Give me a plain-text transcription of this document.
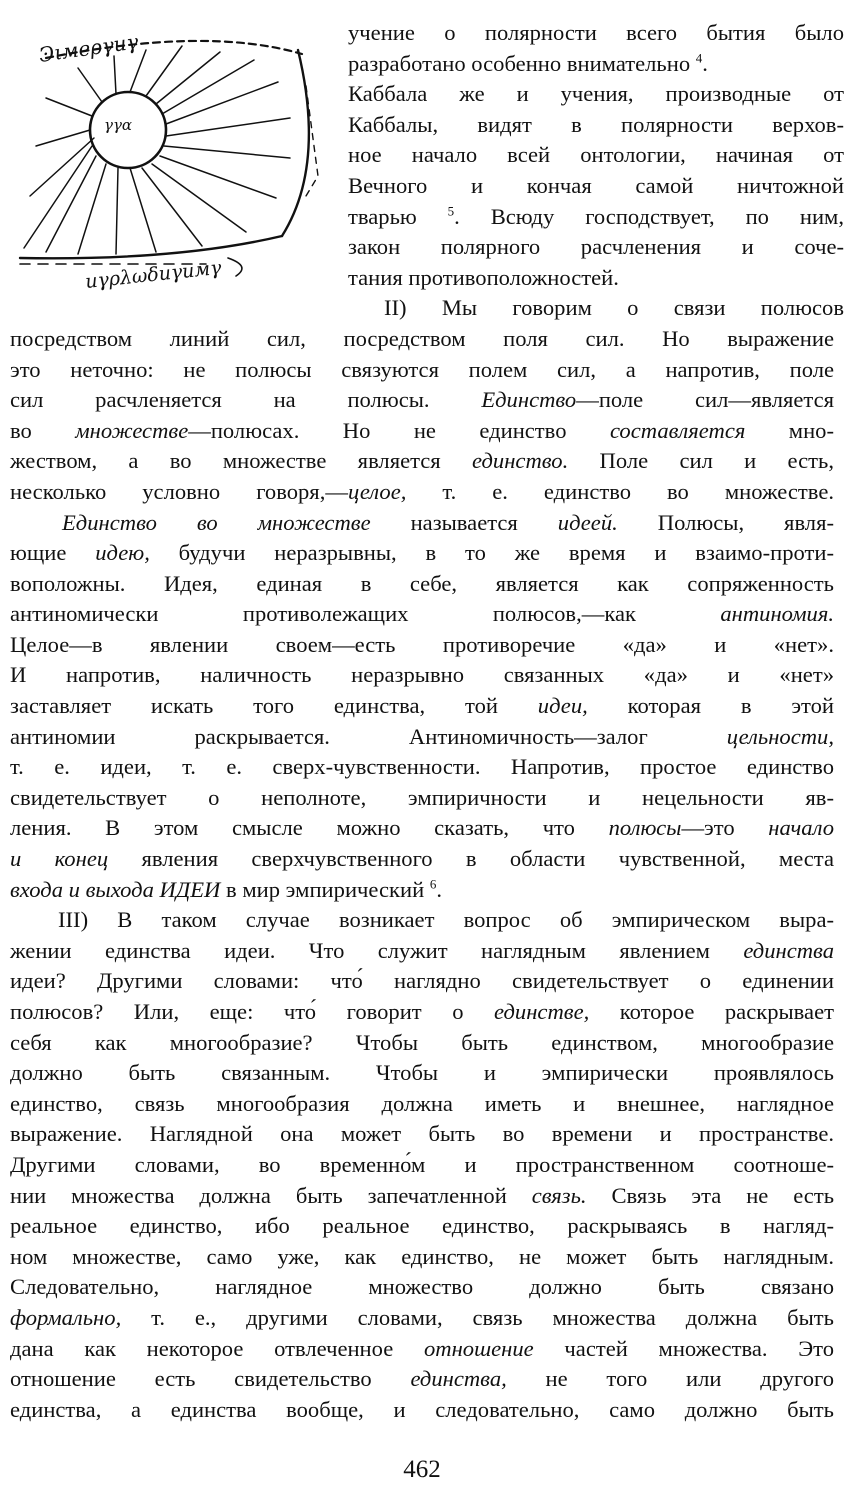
Ͽιмеργиγ
γγα
иγρλωδиγимγ
учение о полярности всего бытия было
разработано особенно внимательно $^4$.
Каббала же и учения, производные от
Каббалы, видят в полярности верхов-
ное начало всей онтологии, начиная от
Вечного и кончая самой ничтожной
тварью $^5$. Всюду господствует, по ним,
закон полярного расчленения и соче-
тания противоположностей.
II) Мы говорим о связи полюсов
посредством линий сил, посредством поля сил. Но выражение
это неточно: не полюсы связуются полем сил, а напротив, поле
сил расчленяется на полюсы. Единство—поле сил—является
во множестве—полюсах. Но не единство составляется мно-
жеством, а во множестве является единство. Поле сил и есть,
несколько условно говоря,—целое, т. е. единство во множестве.
Единство во множестве называется идеей. Полюсы, явля-
ющие идею, будучи неразрывны, в то же время и взаимо-проти-
воположны. Идея, единая в себе, является как сопряженность
антиномически противолежащих полюсов,—как	антиномия.
Целое—в явлении своем—есть противоречие «да» и «нет».
И напротив, наличность неразрывно связанных «да» и «нет»
заставляет искать того единства, той идеи, которая в этой
антиномии раскрывается. Антиномичность—залог	цельности,
т. е. идеи, т. е. сверх-чувственности. Напротив, простое единство
свидетельствует о неполноте, эмпиричности и нецельности яв-
ления. В этом смысле можно сказать, что полюсы—это начало
и конец явления сверхчувственного в области чувственной, места
входа и выхода ИДЕИ в мир эмпирический $^6$.
III) В таком случае возникает вопрос об эмпирическом выра-
жении единства идеи. Что служит наглядным явлением единства
идеи? Другими словами: что́ наглядно свидетельствует о единении
полюсов? Или, еще: что́ говорит о единстве, которое раскрывает
себя как многообразие? Чтобы быть единством, многообразие
должно быть связанным. Чтобы и эмпирически проявлялось
единство, связь многообразия должна иметь и внешнее, наглядное
выражение. Наглядной она может быть во времени и пространстве.
Другими словами, во временно́м и пространственном соотноше-
нии множества должна быть запечатленной связь. Связь эта не есть
реальное единство, ибо реальное единство, раскрываясь в нагляд-
ном множестве, само уже, как единство, не может быть наглядным.
Следовательно, наглядное множество должно быть связано
формально, т. е., другими словами, связь множества должна быть
дана как некоторое отвлеченное отношение частей множества. Это
отношение есть свидетельство единства, не того или другого
единства, а единства вообще, и следовательно, само должно быть
462
